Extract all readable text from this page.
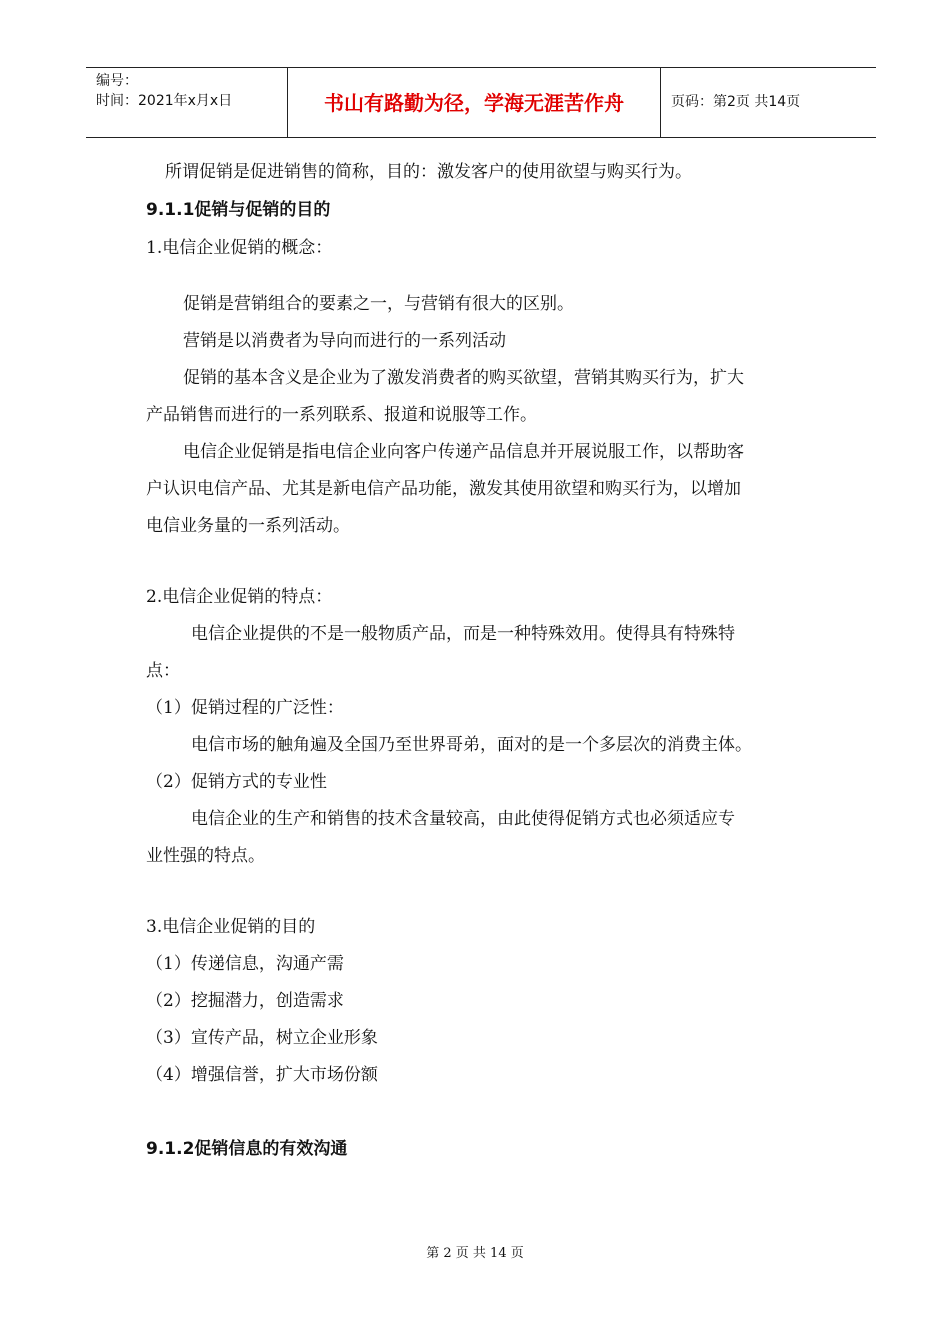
编号：
时间：2021年x月x日	书山有路勤为径，学海无涯苦作舟	页码：第2页 共14页
所谓促销是促进销售的简称，目的：激发客户的使用欲望与购买行为。
9.1.1促销与促销的目的
1.电信企业促销的概念：
促销是营销组合的要素之一，与营销有很大的区别。
营销是以消费者为导向而进行的一系列活动
促销的基本含义是企业为了激发消费者的购买欲望，营销其购买行为，扩大
产品销售而进行的一系列联系、报道和说服等工作。
电信企业促销是指电信企业向客户传递产品信息并开展说服工作，以帮助客
户认识电信产品、尤其是新电信产品功能，激发其使用欲望和购买行为，以增加
电信业务量的一系列活动。
2.电信企业促销的特点：
电信企业提供的不是一般物质产品，而是一种特殊效用。使得具有特殊特
点：
（1）促销过程的广泛性：
电信市场的触角遍及全国乃至世界哥弟，面对的是一个多层次的消费主体。
（2）促销方式的专业性
电信企业的生产和销售的技术含量较高，由此使得促销方式也必须适应专
业性强的特点。
3.电信企业促销的目的
（1）传递信息，沟通产需
（2）挖掘潜力，创造需求
（3）宣传产品，树立企业形象
（4）增强信誉，扩大市场份额
9.1.2促销信息的有效沟通
第 2 页 共 14 页
